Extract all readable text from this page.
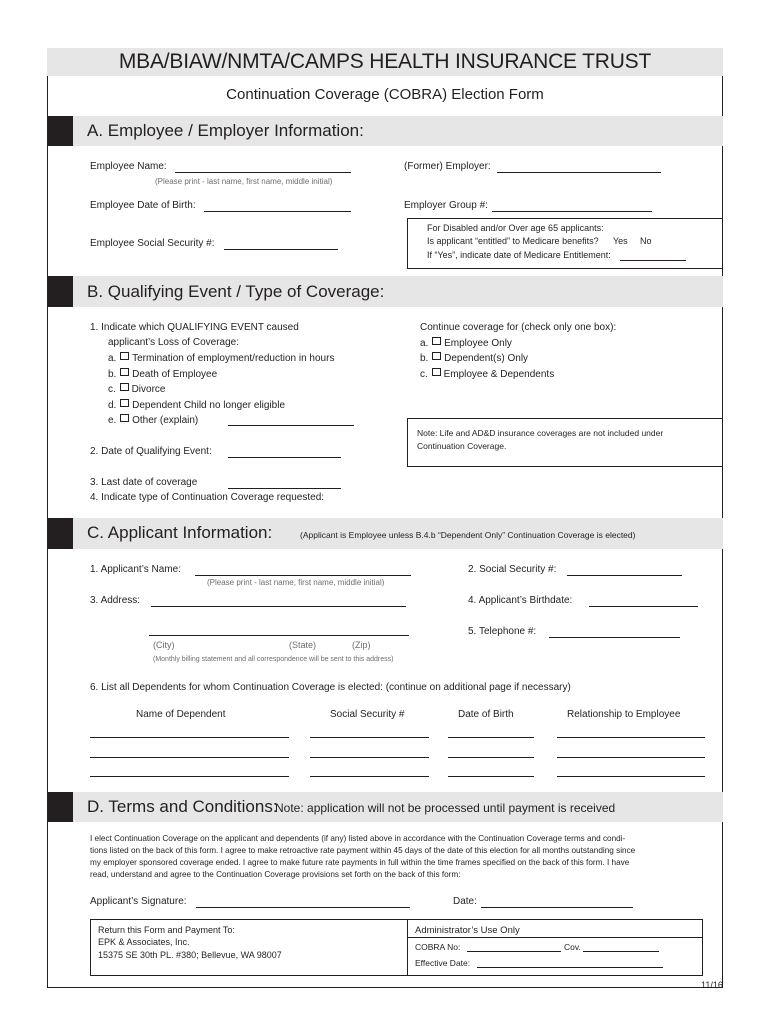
MBA/BIAW/NMTA/CAMPS HEALTH INSURANCE TRUST
Continuation Coverage (COBRA) Election Form
A. Employee / Employer Information:
Employee Name:
(Please print - last name, first name, middle initial)
(Former) Employer:
Employee Date of Birth:	Employer Group #:
Employee Social Security #:
For Disabled and/or Over age 65 applicants:
Is applicant “entitled” to Medicare benefits? Yes No
If “Yes”, indicate date of Medicare Entitlement:
B. Qualifying Event / Type of Coverage:
1. Indicate which QUALIFYING EVENT caused
applicant’s Loss of Coverage:
a. Termination of employment/reduction in hours
b. Death of Employee
c. Divorce
d. Dependent Child no longer eligible
e. Other (explain)
Continue coverage for (check only one box):
a. Employee Only
b. Dependent(s) Only
c. Employee & Dependents
Note: Life and AD&D insurance coverages are not included under
Continuation Coverage.
2. Date of Qualifying Event:
3. Last date of coverage
4. Indicate type of Continuation Coverage requested:
C. Applicant Information:	(Applicant is Employee unless B.4.b “Dependent Only” Continuation Coverage is elected)
1. Applicant’s Name:
(Please print - last name, first name, middle initial)
2. Social Security #:
3. Address:	4. Applicant’s Birthdate:
(City)	(State)	(Zip)
(Monthly billing statement and all correspondence will be sent to this address)
5. Telephone #:
6. List all Dependents for whom Continuation Coverage is elected: (continue on additional page if necessary)
Name of Dependent	Social Security #	Date of Birth	Relationship to Employee
D. Terms and Conditions:
Note: application will not be processed until payment is received
I elect Continuation Coverage on the applicant and dependents (if any) listed above in accordance with the Continuation Coverage terms and condi-
tions listed on the back of this form. I agree to make retroactive rate payment within 45 days of the date of this election for all months outstanding since
my employer sponsored coverage ended. I agree to make future rate payments in full within the time frames specified on the back of this form. I have
read, understand and agree to the Continuation Coverage provisions set forth on the back of this form:
Applicant’s Signature:	Date:
Return this Form and Payment To:
EPK & Associates, Inc.
15375 SE 30th PL. #380; Bellevue, WA 98007
Administrator’s Use Only
COBRA No:	Cov.
Effective Date:
11/16
